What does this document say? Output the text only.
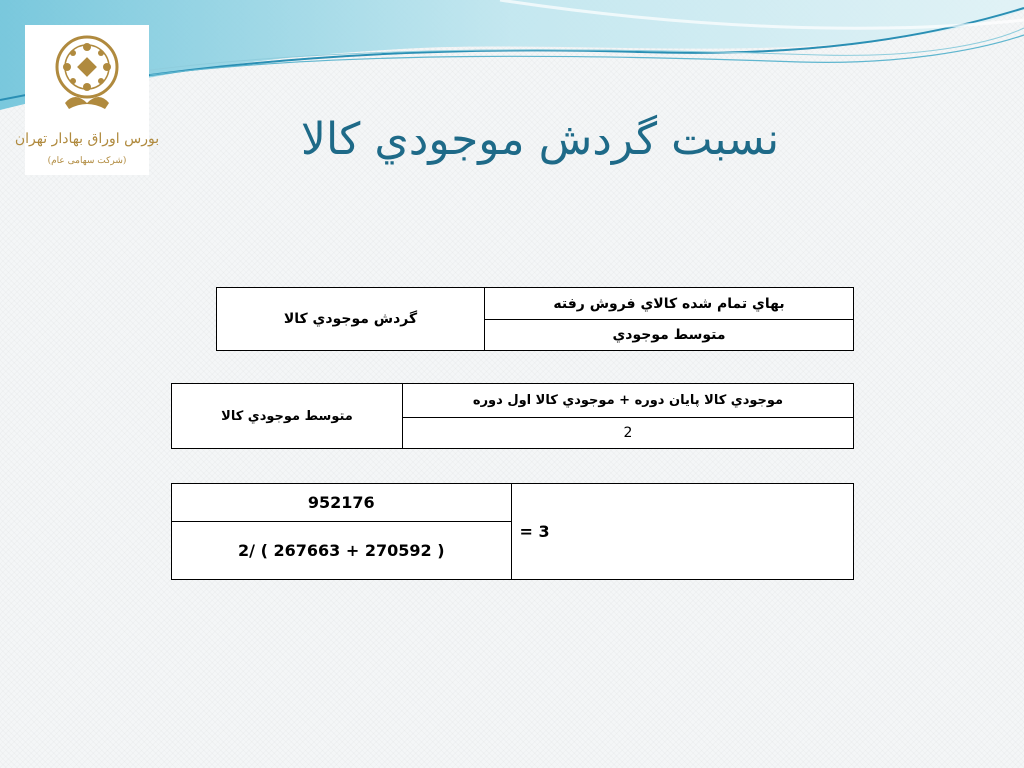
بورس اوراق بهادار تهران
(شرکت سهامی عام)	نسبت گردش موجودي کالا
بهاي تمام شده کالاي فروش رفته	گردش موجودي کالا
متوسط موجودي
موجودي کالا پايان دوره + موجودي کالا اول دوره	متوسط موجودي کالا
2
952176	= 3
2/ ( 267663 + 270592 )
